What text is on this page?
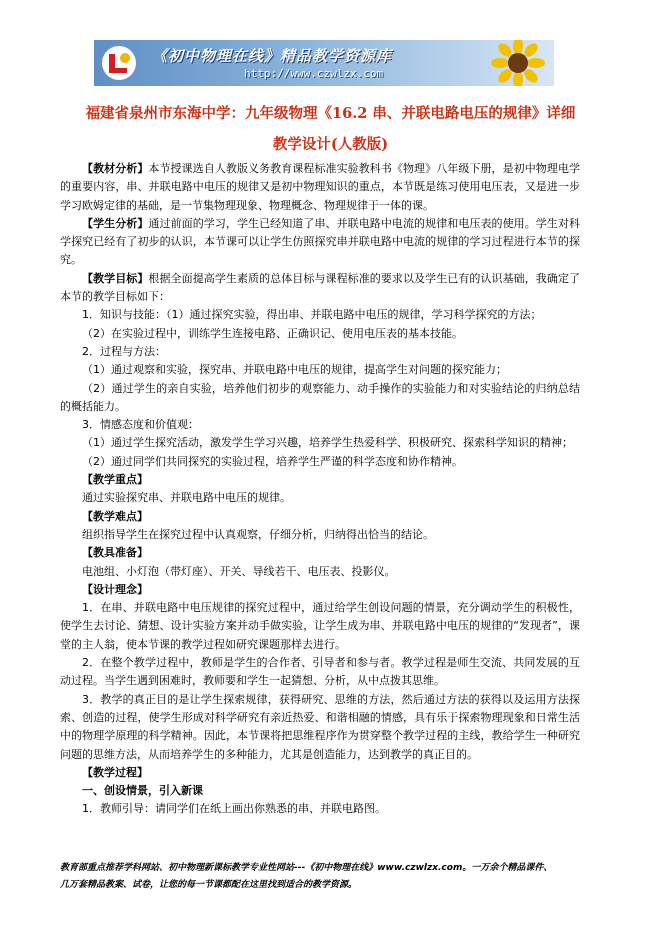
《初中物理在线》精品教学资源库
http://www.czwlzx.com
福建省泉州市东海中学：九年级物理《16.2 串、并联电路电压的规律》详细
教学设计(人教版)

【教材分析】本节授课选自人教版义务教育课程标准实验教科书《物理》八年级下册，是初中物理电学的重要内容，串、并联电路中电压的规律又是初中物理知识的重点，本节既是练习使用电压表，又是进一步学习欧姆定律的基础，是一节集物理现象、物理概念、物理规律于一体的课。

【学生分析】通过前面的学习，学生已经知道了串、并联电路中电流的规律和电压表的使用。学生对科学探究已经有了初步的认识，本节课可以让学生仿照探究串并联电路中电流的规律的学习过程进行本节的探究。

【教学目标】根据全面提高学生素质的总体目标与课程标准的要求以及学生已有的认识基础，我确定了本节的教学目标如下：

1．知识与技能：（1）通过探究实验，得出串、并联电路中电压的规律，学习科学探究的方法；

（2）在实验过程中，训练学生连接电路、正确识记、使用电压表的基本技能。

2．过程与方法：

（1）通过观察和实验，探究串、并联电路中电压的规律，提高学生对问题的探究能力；

（2）通过学生的亲自实验，培养他们初步的观察能力、动手操作的实验能力和对实验结论的归纳总结的概括能力。

3．情感态度和价值观：

（1）通过学生探究活动，激发学生学习兴趣，培养学生热爱科学、积极研究、探索科学知识的精神；

（2）通过同学们共同探究的实验过程，培养学生严谨的科学态度和协作精神。

【教学重点】

通过实验探究串、并联电路中电压的规律。

【教学难点】

组织指导学生在探究过程中认真观察，仔细分析，归纳得出恰当的结论。

【教具准备】

电池组、小灯泡（带灯座）、开关、导线若干、电压表、投影仪。

【设计理念】

1．在串、并联电路中电压规律的探究过程中，通过给学生创设问题的情景，充分调动学生的积极性，使学生去讨论、猜想、设计实验方案并动手做实验，让学生成为串、并联电路中电压的规律的“发现者”，课堂的主人翁，使本节课的教学过程如研究课题那样去进行。

2．在整个教学过程中，教师是学生的合作者、引导者和参与者。教学过程是师生交流、共同发展的互动过程。当学生遇到困难时，教师要和学生一起猜想、分析，从中点拨其思维。

3．教学的真正目的是让学生探索规律，获得研究、思维的方法，然后通过方法的获得以及运用方法探索、创造的过程，使学生形成对科学研究有亲近热爱、和谐相融的情感，具有乐于探索物理现象和日常生活中的物理学原理的科学精神。因此，本节课将把思维程序作为贯穿整个教学过程的主线，教给学生一种研究问题的思维方法，从而培养学生的多种能力，尤其是创造能力，达到教学的真正目的。

【教学过程】

一、创设情景，引入新课

1．教师引导：请同学们在纸上画出你熟悉的串、并联电路图。

教育部重点推荐学科网站、初中物理新课标教学专业性网站---《初中物理在线》www.czwlzx.com。一万余个精品课件、
几万套精品教案、试卷，让您的每一节课都配在这里找到适合的教学资源。
